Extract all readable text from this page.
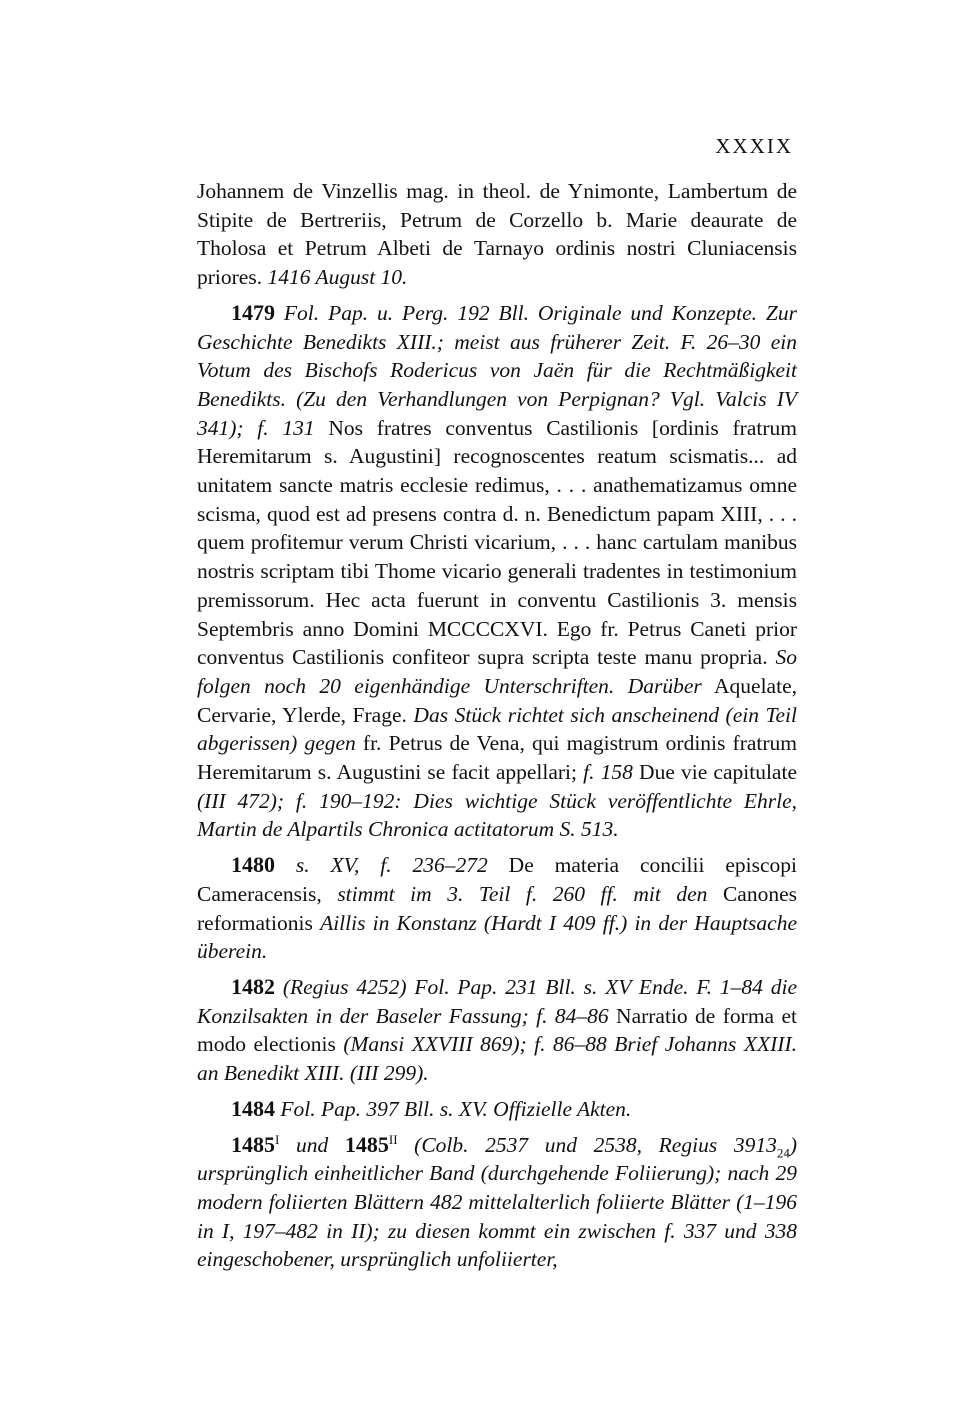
XXXIX

Johannem de Vinzellis mag. in theol. de Ynimonte, Lambertum de Stipite de Bertreriis, Petrum de Corzello b. Marie deaurate de Tholosa et Petrum Albeti de Tarnayo ordinis nostri Cluniacensis priores. 1416 August 10.

1479 Fol. Pap. u. Perg. 192 Bll. Originale und Konzepte. Zur Geschichte Benedikts XIII.; meist aus früherer Zeit. F. 26–30 ein Votum des Bischofs Rodericus von Jaën für die Rechtmäßigkeit Benedikts. (Zu den Verhandlungen von Perpignan? Vgl. Valcis IV 341); f. 131 Nos fratres conventus Castilionis [ordinis fratrum Heremitarum s. Augustini] recognoscentes reatum scismatis... ad unitatem sancte matris ecclesie redimus, . . . anathematizamus omne scisma, quod est ad presens contra d. n. Benedictum papam XIII, . . . quem profitemur verum Christi vicarium, . . . hanc cartulam manibus nostris scriptam tibi Thome vicario generali tradentes in testimonium premissorum. Hec acta fuerunt in conventu Castilionis 3. mensis Septembris anno Domini MCCCCXVI. Ego fr. Petrus Caneti prior conventus Castilionis confiteor supra scripta teste manu propria. So folgen noch 20 eigenhändige Unterschriften. Darüber Aquelate, Cervarie, Ylerde, Frage. Das Stück richtet sich anscheinend (ein Teil abgerissen) gegen fr. Petrus de Vena, qui magistrum ordinis fratrum Heremitarum s. Augustini se facit appellari; f. 158 Due vie capitulate (III 472); f. 190–192: Dies wichtige Stück veröffentlichte Ehrle, Martin de Alpartils Chronica actitatorum S. 513.

1480 s. XV, f. 236–272 De materia concilii episcopi Cameracensis, stimmt im 3. Teil f. 260 ff. mit den Canones reformationis Aillis in Konstanz (Hardt I 409 ff.) in der Hauptsache überein.

1482 (Regius 4252) Fol. Pap. 231 Bll. s. XV Ende. F. 1–84 die Konzilsakten in der Baseler Fassung; f. 84–86 Narratio de forma et modo electionis (Mansi XXVIII 869); f. 86–88 Brief Johanns XXIII. an Benedikt XIII. (III 299).

1484 Fol. Pap. 397 Bll. s. XV. Offizielle Akten.

$1485^I$ und $1485^{II}$ (Colb. 2537 und 2538, Regius $3913_{24}$) ursprünglich einheitlicher Band (durchgehende Foliierung); nach 29 modern foliierten Blättern 482 mittelalterlich foliierte Blätter (1–196 in I, 197–482 in II); zu diesen kommt ein zwischen f. 337 und 338 eingeschobener, ursprünglich unfoliierter,
